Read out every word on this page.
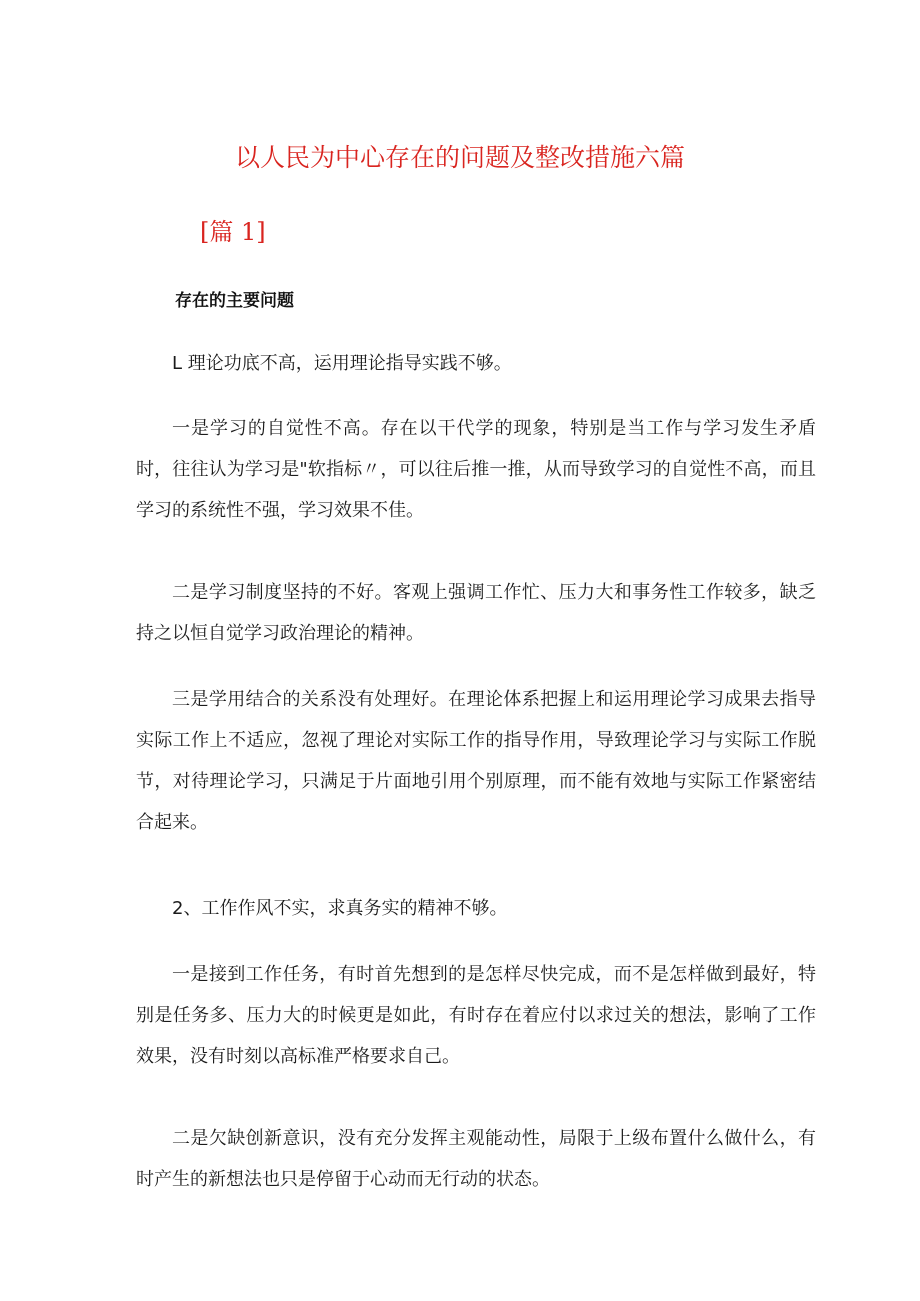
以人民为中心存在的问题及整改措施六篇
[篇 1]
存在的主要问题
L 理论功底不高，运用理论指导实践不够。
一是学习的自觉性不高。存在以干代学的现象，特别是当工作与学习发生矛盾时，往往认为学习是"软指标〃，可以往后推一推，从而导致学习的自觉性不高，而且学习的系统性不强，学习效果不佳。
二是学习制度坚持的不好。客观上强调工作忙、压力大和事务性工作较多，缺乏持之以恒自觉学习政治理论的精神。
三是学用结合的关系没有处理好。在理论体系把握上和运用理论学习成果去指导实际工作上不适应，忽视了理论对实际工作的指导作用，导致理论学习与实际工作脱节，对待理论学习，只满足于片面地引用个别原理，而不能有效地与实际工作紧密结合起来。
2、工作作风不实，求真务实的精神不够。
一是接到工作任务，有时首先想到的是怎样尽快完成，而不是怎样做到最好，特别是任务多、压力大的时候更是如此，有时存在着应付以求过关的想法，影响了工作效果，没有时刻以高标准严格要求自己。
二是欠缺创新意识，没有充分发挥主观能动性，局限于上级布置什么做什么，有时产生的新想法也只是停留于心动而无行动的状态。
